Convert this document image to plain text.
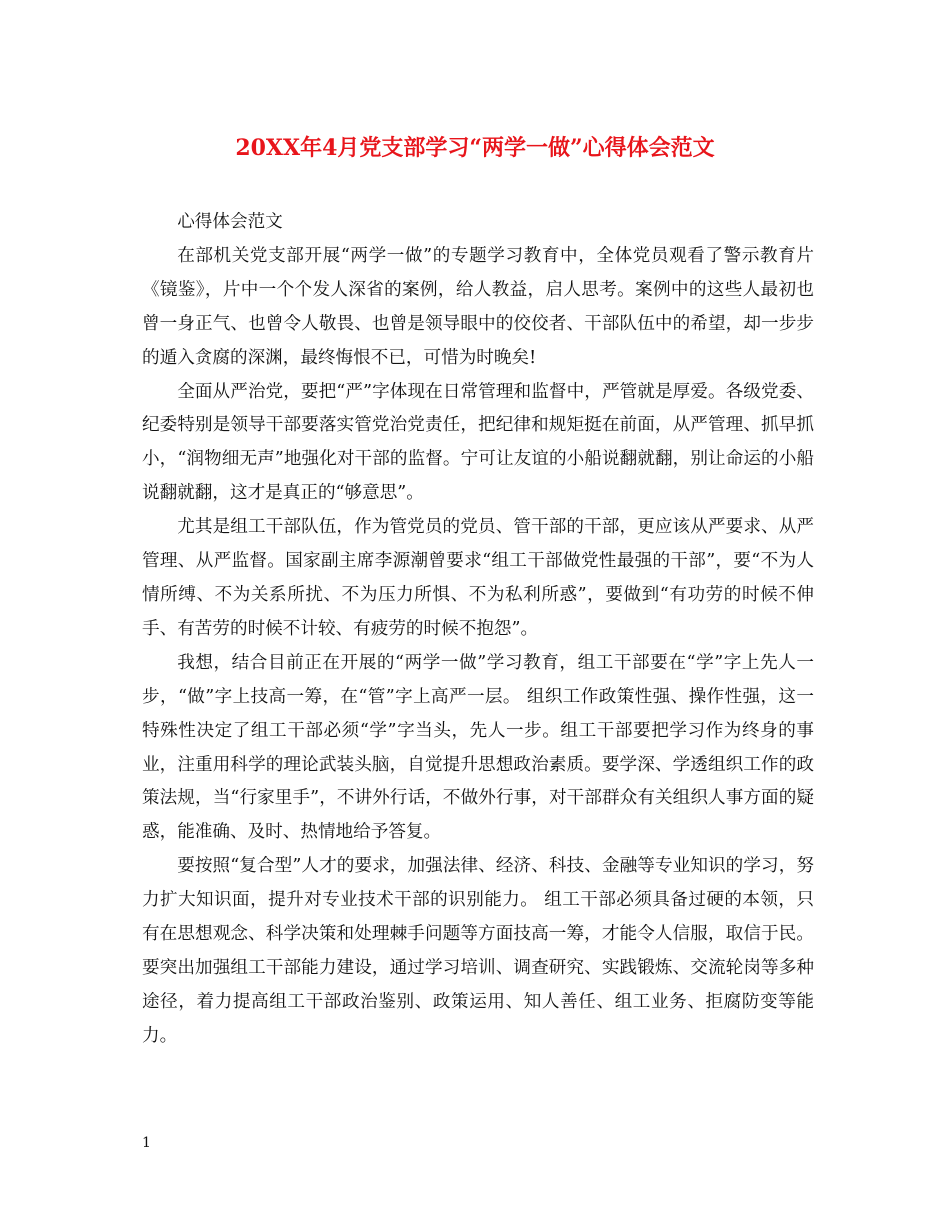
20XX年4月党支部学习“两学一做”心得体会范文

心得体会范文

在部机关党支部开展“两学一做”的专题学习教育中，全体党员观看了警示教育片《镜鉴》，片中一个个发人深省的案例，给人教益，启人思考。案例中的这些人最初也曾一身正气、也曾令人敬畏、也曾是领导眼中的佼佼者、干部队伍中的希望，却一步步的遁入贪腐的深渊，最终悔恨不已，可惜为时晚矣!

全面从严治党，要把“严”字体现在日常管理和监督中，严管就是厚爱。各级党委、纪委特别是领导干部要落实管党治党责任，把纪律和规矩挺在前面，从严管理、抓早抓小，“润物细无声”地强化对干部的监督。宁可让友谊的小船说翻就翻，别让命运的小船说翻就翻，这才是真正的“够意思”。

尤其是组工干部队伍，作为管党员的党员、管干部的干部，更应该从严要求、从严管理、从严监督。国家副主席李源潮曾要求“组工干部做党性最强的干部”，要“不为人情所缚、不为关系所扰、不为压力所惧、不为私利所惑”，要做到“有功劳的时候不伸手、有苦劳的时候不计较、有疲劳的时候不抱怨”。

我想，结合目前正在开展的“两学一做”学习教育，组工干部要在“学”字上先人一步，“做”字上技高一筹，在“管”字上高严一层。 组织工作政策性强、操作性强，这一特殊性决定了组工干部必须“学”字当头，先人一步。组工干部要把学习作为终身的事业，注重用科学的理论武装头脑，自觉提升思想政治素质。要学深、学透组织工作的政策法规，当“行家里手”，不讲外行话，不做外行事，对干部群众有关组织人事方面的疑惑，能准确、及时、热情地给予答复。

要按照“复合型”人才的要求，加强法律、经济、科技、金融等专业知识的学习，努力扩大知识面，提升对专业技术干部的识别能力。 组工干部必须具备过硬的本领，只有在思想观念、科学决策和处理棘手问题等方面技高一筹，才能令人信服，取信于民。要突出加强组工干部能力建设，通过学习培训、调查研究、实践锻炼、交流轮岗等多种途径，着力提高组工干部政治鉴别、政策运用、知人善任、组工业务、拒腐防变等能力。

1
